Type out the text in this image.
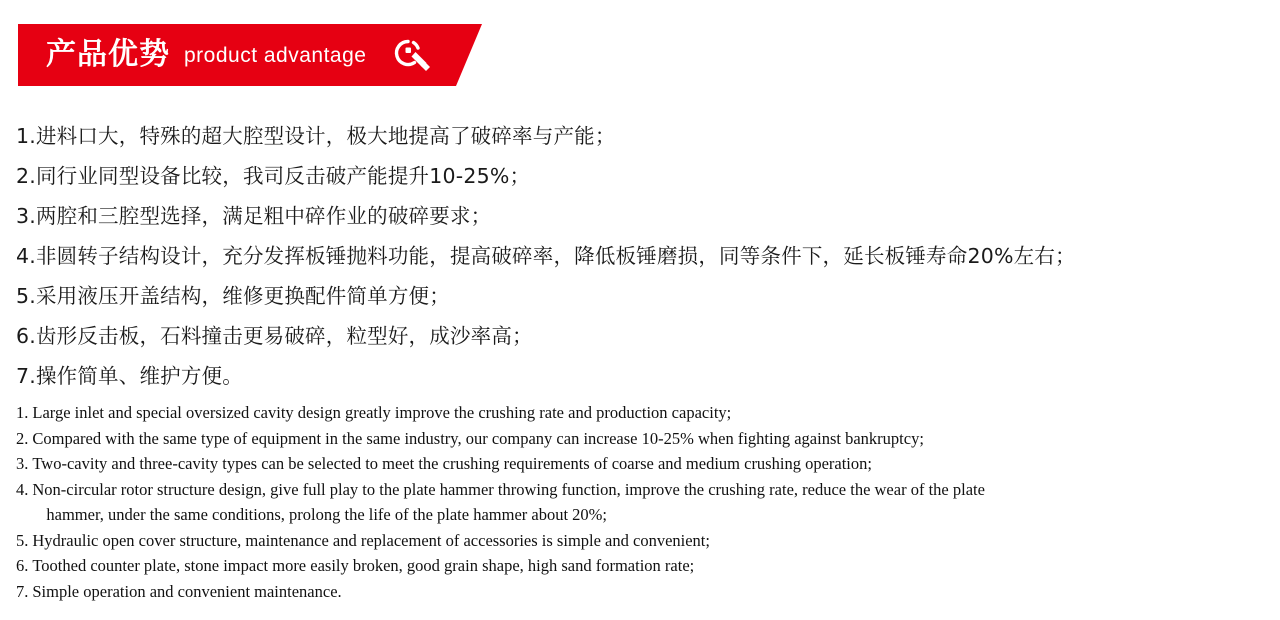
产品优势 product advantage
1.进料口大，特殊的超大腔型设计，极大地提高了破碎率与产能；
2.同行业同型设备比较，我司反击破产能提升10-25%；
3.两腔和三腔型选择，满足粗中碎作业的破碎要求；
4.非圆转子结构设计，充分发挥板锤抛料功能，提高破碎率，降低板锤磨损，同等条件下，延长板锤寿命20%左右；
5.采用液压开盖结构，维修更换配件简单方便；
6.齿形反击板，石料撞击更易破碎，粒型好，成沙率高；
7.操作简单、维护方便。
1. Large inlet and special oversized cavity design greatly improve the crushing rate and production capacity;
2. Compared with the same type of equipment in the same industry, our company can increase 10-25% when fighting against bankruptcy;
3. Two-cavity and three-cavity types can be selected to meet the crushing requirements of coarse and medium crushing operation;
4. Non-circular rotor structure design, give full play to the plate hammer throwing function, improve the crushing rate, reduce the wear of the plate
hammer, under the same conditions, prolong the life of the plate hammer about 20%;
5. Hydraulic open cover structure, maintenance and replacement of accessories is simple and convenient;
6. Toothed counter plate, stone impact more easily broken, good grain shape, high sand formation rate;
7. Simple operation and convenient maintenance.
